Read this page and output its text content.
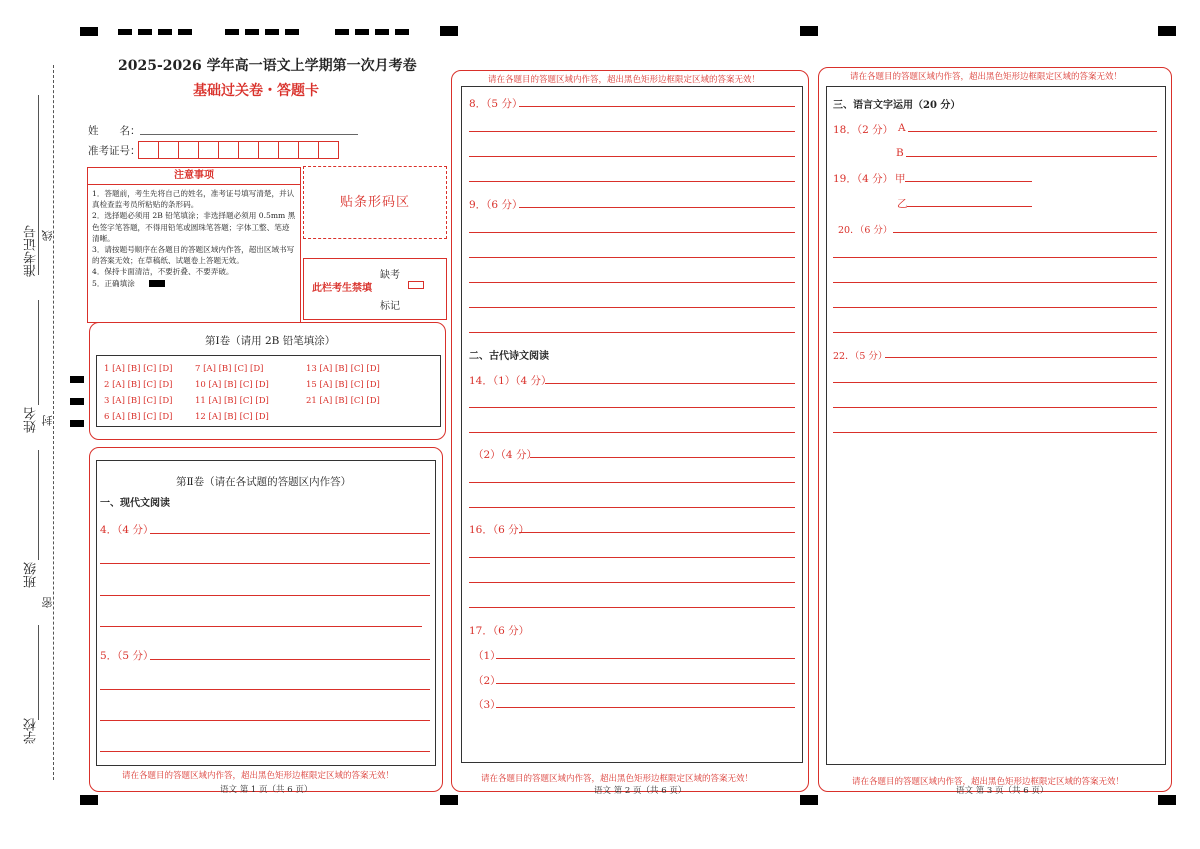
准考证号 线
姓名 封
班级
密
学校
2025-2026 学年高一语文上学期第一次月考卷
基础过关卷・答题卡
姓　　名：
准考证号：
注意事项
1．答题前，考生先将自己的姓名，准考证号填写清楚，并认真检查监考员所粘贴的条形码。
2．选择题必须用 2B 铅笔填涂；非选择题必须用 0.5mm 黑色签字笔答题，不得用铅笔或圆珠笔答题；字体工整、笔迹清晰。
3．请按题号顺序在各题目的答题区域内作答，超出区域书写的答案无效；在草稿纸、试题卷上答题无效。
4．保持卡面清洁，不要折叠、不要弄破。
5．正确填涂
贴条形码区
此栏考生禁填
缺考
标记
第Ⅰ卷（请用 2B 铅笔填涂）
1 [A] [B] [C] [D]
2 [A] [B] [C] [D]
3 [A] [B] [C] [D]
6 [A] [B] [C] [D]
7 [A] [B] [C] [D]
10 [A] [B] [C] [D]
11 [A] [B] [C] [D]
12 [A] [B] [C] [D]
13 [A] [B] [C] [D]
15 [A] [B] [C] [D]
21 [A] [B] [C] [D]
第Ⅱ卷（请在各试题的答题区内作答）
一、现代文阅读
4．（4 分）
5．（5 分）
请在各题目的答题区域内作答，超出黑色矩形边框限定区域的答案无效！
语文 第 1 页（共 6 页）
请在各题目的答题区域内作答，超出黑色矩形边框限定区域的答案无效！
8．（5 分）
9．（6 分）
二、古代诗文阅读
14．（1）（4 分）
（2）（4 分）
16．（6 分）
17．（6 分）
（1）
（2）
（3）
请在各题目的答题区域内作答，超出黑色矩形边框限定区域的答案无效！
语文 第 2 页（共 6 页）
请在各题目的答题区域内作答，超出黑色矩形边框限定区域的答案无效！
三、语言文字运用（20 分）
18．（2 分） A
B
19．（4 分） 甲
乙
20．（6 分）
22．（5 分）
请在各题目的答题区域内作答，超出黑色矩形边框限定区域的答案无效！
语文 第 3 页（共 6 页）
